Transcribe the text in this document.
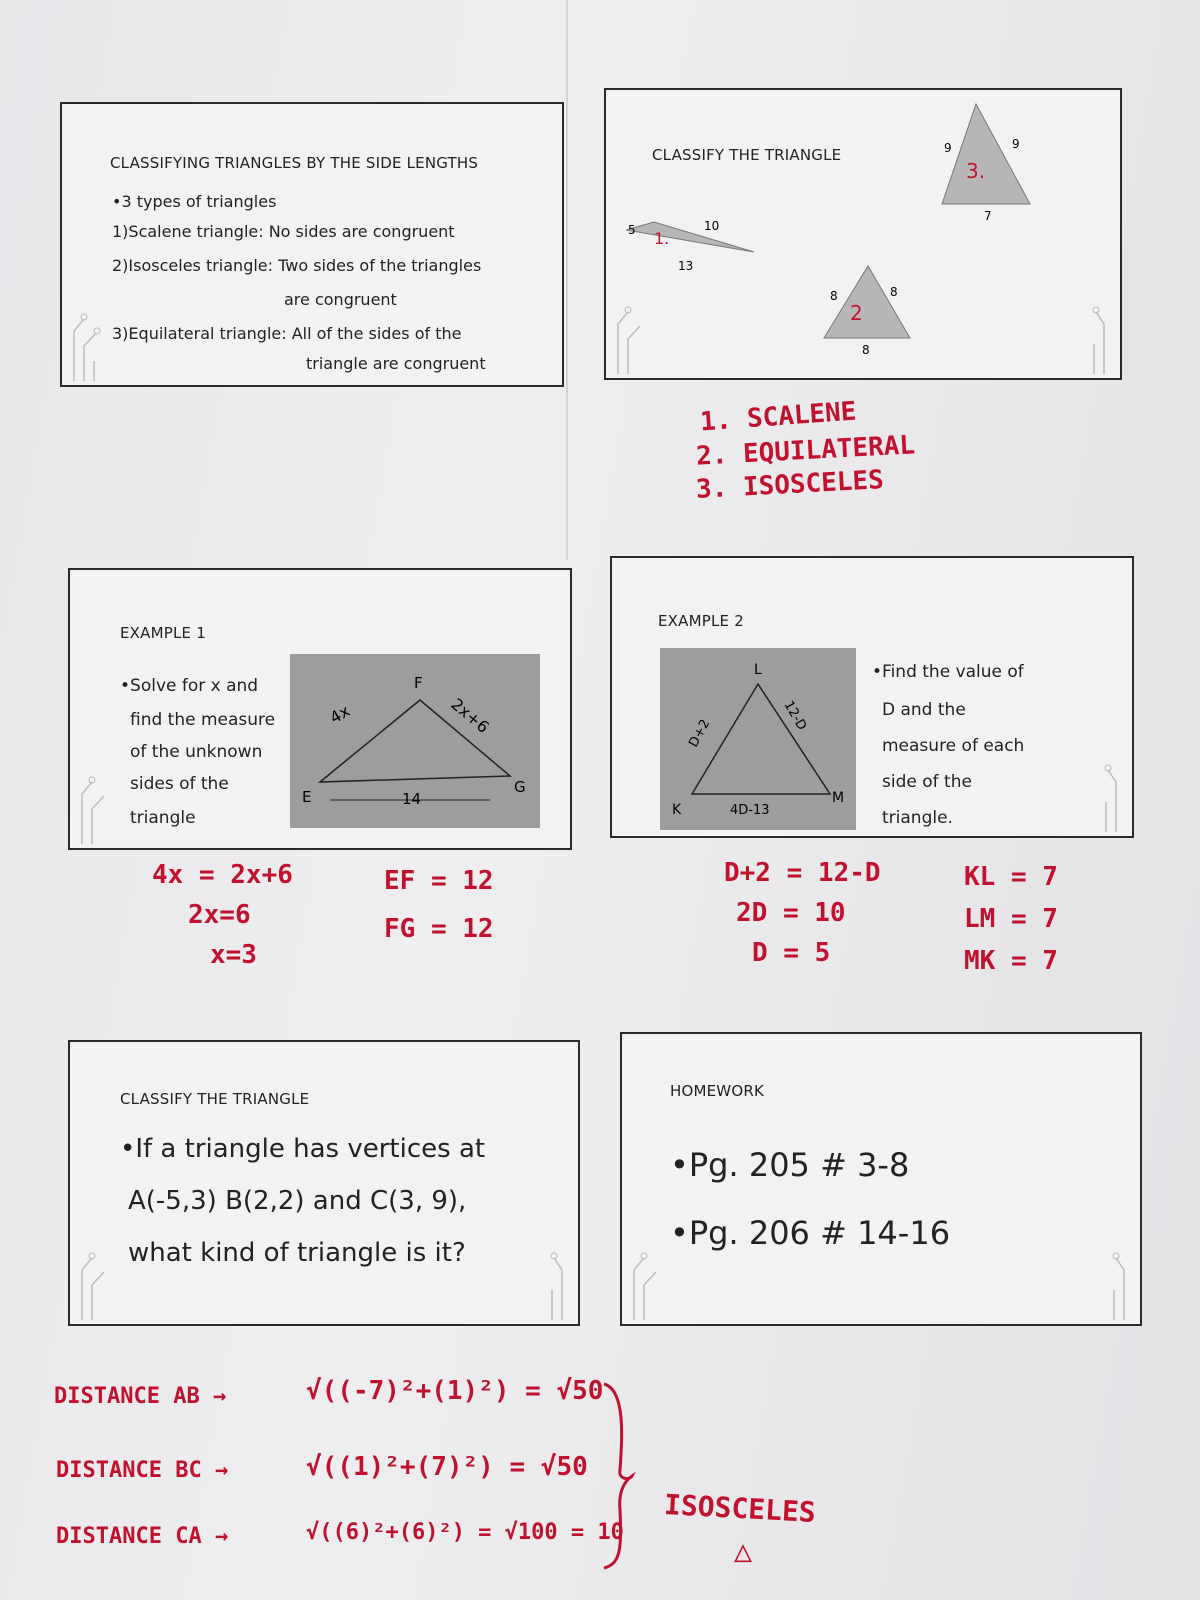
CLASSIFYING TRIANGLES BY THE SIDE LENGTHS
•3 types of triangles
1)Scalene triangle: No sides are congruent
2)Isosceles triangle: Two sides of the triangles
are congruent
3)Equilateral triangle: All of the sides of the
triangle are congruent
CLASSIFY THE TRIANGLE
1.
5	10
13
2
8	8
8
3.
9	9
7
1. SCALENE
2. EQUILATERAL
3. ISOSCELES
EXAMPLE 1
•Solve for x and
find the measure
of the unknown
sides of the
triangle
E
F
G
4x	2x+6
14
4x = 2x+6
2x=6
x=3
EF = 12
FG = 12
EXAMPLE 2
L
K
M
D+2
12-D
4D-13
•Find the value of
D and the
measure of each
side of the
triangle.
D+2 = 12-D
2D = 10
D = 5
KL = 7
LM = 7
MK = 7
CLASSIFY THE TRIANGLE
•If a triangle has vertices at
A(-5,3) B(2,2) and C(3, 9),
what kind of triangle is it?
DISTANCE AB →	√((-7)²+(1)²) = √50
DISTANCE BC →	√((1)²+(7)²) = √50
DISTANCE CA →	√((6)²+(6)²) = √100 = 10
ISOSCELES
△
HOMEWORK
•Pg. 205 # 3-8
•Pg. 206 # 14-16
